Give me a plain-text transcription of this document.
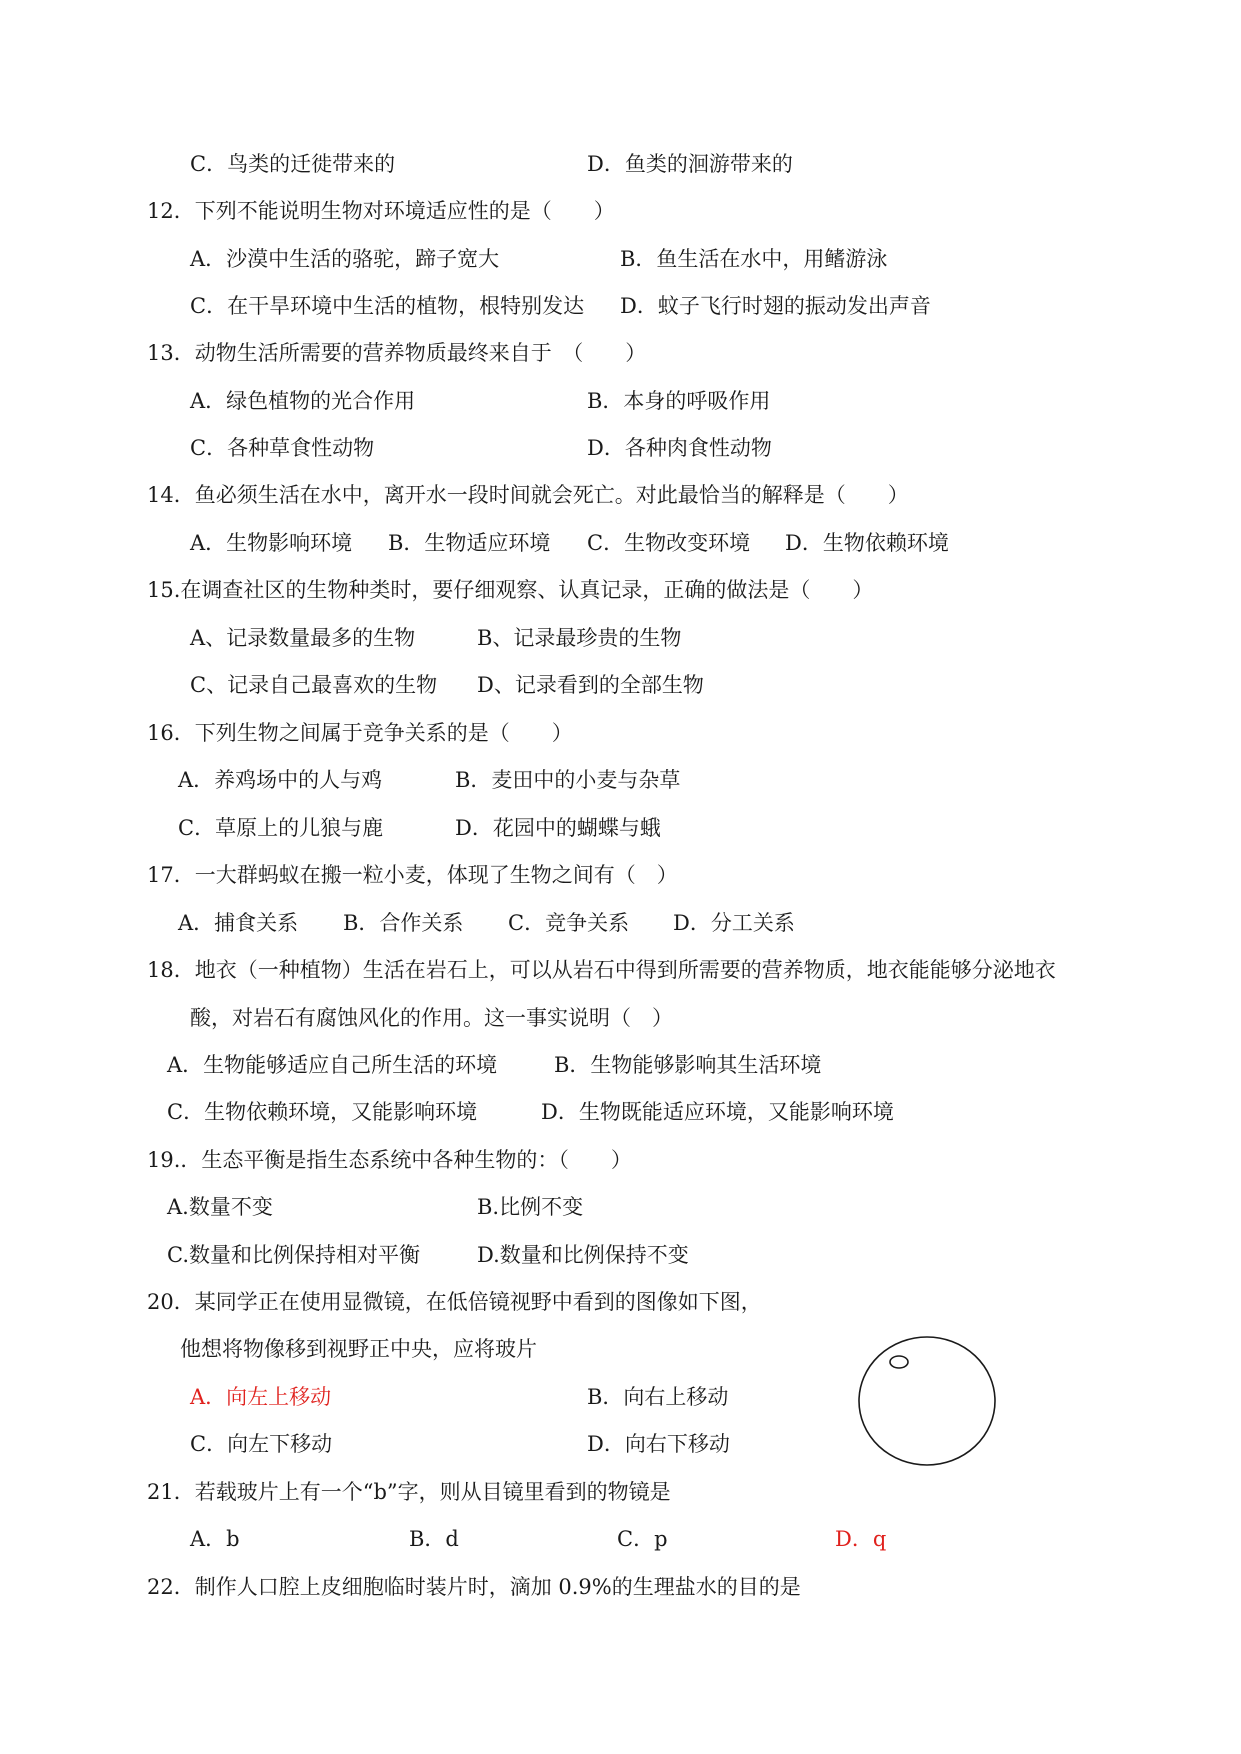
C．鸟类的迁徙带来的	D．鱼类的洄游带来的
12．下列不能说明生物对环境适应性的是（　　）
A．沙漠中生活的骆驼，蹄子宽大	B．鱼生活在水中，用鳍游泳
C．在干旱环境中生活的植物，根特别发达 D．蚊子飞行时翅的振动发出声音
13．动物生活所需要的营养物质最终来自于　（　　）
A．绿色植物的光合作用	B．本身的呼吸作用
C．各种草食性动物	D．各种肉食性动物
14．鱼必须生活在水中，离开水一段时间就会死亡。对此最恰当的解释是（　　）
A．生物影响环境 B．生物适应环境 C．生物改变环境 D．生物依赖环境
15.在调查社区的生物种类时，要仔细观察、认真记录，正确的做法是（　　）
A、记录数量最多的生物	B、记录最珍贵的生物
C、记录自己最喜欢的生物 D、记录看到的全部生物
16．下列生物之间属于竞争关系的是（　　）
A．养鸡场中的人与鸡	B．麦田中的小麦与杂草
C．草原上的儿狼与鹿	D．花园中的蝴蝶与蛾
17．一大群蚂蚁在搬一粒小麦，体现了生物之间有（　）
A．捕食关系 B．合作关系 C．竞争关系 D．分工关系
18．地衣（一种植物）生活在岩石上，可以从岩石中得到所需要的营养物质，地衣能能够分泌地衣
酸，对岩石有腐蚀风化的作用。这一事实说明（　）
A．生物能够适应自己所生活的环境	B．生物能够影响其生活环境
C．生物依赖环境，又能影响环境	D．生物既能适应环境，又能影响环境
19.．生态平衡是指生态系统中各种生物的：（　　）
A.数量不变	B.比例不变
C.数量和比例保持相对平衡	D.数量和比例保持不变
20．某同学正在使用显微镜，在低倍镜视野中看到的图像如下图，
他想将物像移到视野正中央，应将玻片
A．向左上移动	B．向右上移动
C．向左下移动	D．向右下移动
21．若载玻片上有一个“b”字，则从目镜里看到的物镜是
A．b	B．d	C．p	D．q
22．制作人口腔上皮细胞临时装片时，滴加 0.9%的生理盐水的目的是
